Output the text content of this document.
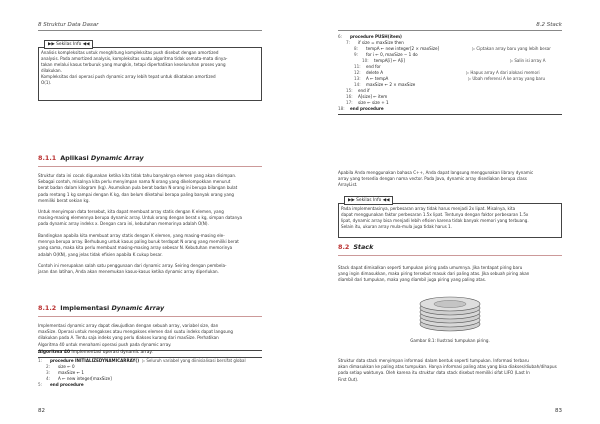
8 Struktur Data Dasar
▶▶ Sekilas Info ◀◀
Analisis kompleksitas untuk menghitung kompleksitas push disebut dengan amortized
analysis. Pada amortized analysis, kompleksitas suatu algoritma tidak semata-mata dinya-
takan melalui kasus terburuk yang mungkin, tetapi diperhatikan keseluruhan proses yang
dilakukan.
Kompleksitas dari operasi push dynamic array lebih tepat untuk dikatakan amortized
O(1).
8.1.1 Aplikasi Dynamic Array
Struktur data ini cocok digunakan ketika kita tidak tahu banyaknya elemen yang akan disimpan.
Sebagai contoh, misalnya kita perlu menyimpan nama N orang yang dikelompokkan menurut
berat badan dalam kilogram (kg). Asumsikan pula berat badan N orang ini berupa bilangan bulat
pada rentang 1 kg sampai dengan K kg, dan belum diketahui berapa paling banyak orang yang
memiliki berat sekian kg.
Untuk menyimpan data tersebut, kita dapat membuat array statis dengan K elemen, yang
masing-masing elemennya berupa dynamic array. Untuk orang dengan berat x kg, simpan datanya
pada dynamic array indeks x. Dengan cara ini, kebutuhan memorinya adalah O(N).
Bandingkan apabila kita membuat array statis dengan K elemen, yang masing-masing ele-
mennya berupa array. Berhubung untuk kasus paling buruk terdapat N orang yang memiliki berat
yang sama, maka kita perlu membuat masing-masing array sebesar N. Kebutuhan memorinya
adalah O(KN), yang jelas tidak efisien apabila K cukup besar.
Contoh ini merupakan salah satu penggunaan dari dynamic array. Seiring dengan pembela-
jaran dan latihan, Anda akan menemukan kasus-kasus ketika dynamic array diperlukan.
8.1.2 Implementasi Dynamic Array
Implementasi dynamic array dapat diwujudkan dengan sebuah array, variabel size, dan
maxSize. Operasi untuk mengakses atau mengakses elemen dari suatu indeks dapat langsung
dilakukan pada A. Tentu saja indeks yang perlu diakses kurang dari maxSize. Perhatikan
Algoritma 40 untuk menahami operasi push pada dynamic array.
Algoritma 40 Implementasi operasi dynamic array.
1: procedure INITIALIZEDYNAMICARRAY() ▷ Seluruh variabel yang diinisialisasi bersifat global
2: size ← 0
3: maxSize ← 1
4: A ← new integer[maxSize]
5: end procedure
82
8.2 Stack
6: procedure PUSH(item)
7: if size = maxSize then
8: tempA ← new integer[2 × maxSize]	▷ Ciptakan array baru yang lebih besar
9: for i ← 0, maxSize − 1 do
10: tempA[i] ← A[i]	▷ Salin isi array A
11: end for
12: delete A	▷ Hapus array A dari alokasi memori
13: A ← tempA	▷ Ubah referensi A ke array yang baru
14: maxSize ← 2 × maxSize
15: end if
16: A[size] ← item
17: size ← size + 1
18: end procedure
Apabila Anda menggunakan bahasa C++, Anda dapat langsung menggunakan library dynamic
array yang tersedia dengan nama vector. Pada Java, dynamic array disediakan berupa class
ArrayList.
▶▶ Sekilas Info ◀◀
Pada implementasinya, perbesaran array tidak harus menjadi 2x lipat. Misalnya, kita
dapat menggunakan faktor perbesaran 1.5x lipat. Tentunya dengan faktor perbesaran 1.5x
lipat, dynamic array bisa menjadi lebih efisien karena tidak banyak memori yang terbuang.
Selain itu, ukuran array mula-mula juga tidak harus 1.
8.2 Stack
Stack dapat dimisalkan seperti tumpukan piring pada umumnya. Jika terdapat piring baru
yang ingin dimasukkan, maka piring tersebut masuk dari paling atas. Jika sebuah piring akan
diambil dari tumpukan, maka yang diambil juga piring yang paling atas.
Gambar 8.1: Ilustrasi tumpukan piring.
Struktur data stack menyimpan informasi dalam bentuk seperti tumpukan. Informasi terbaru
akan dimasukkan ke paling atas tumpukan. Hanya informasi paling atas yang bisa diakses/diubah/dihapus
pada setiap waktunya. Oleh karena itu struktur data stack disebut memiliki sifat LIFO (Last In
First Out).
83
